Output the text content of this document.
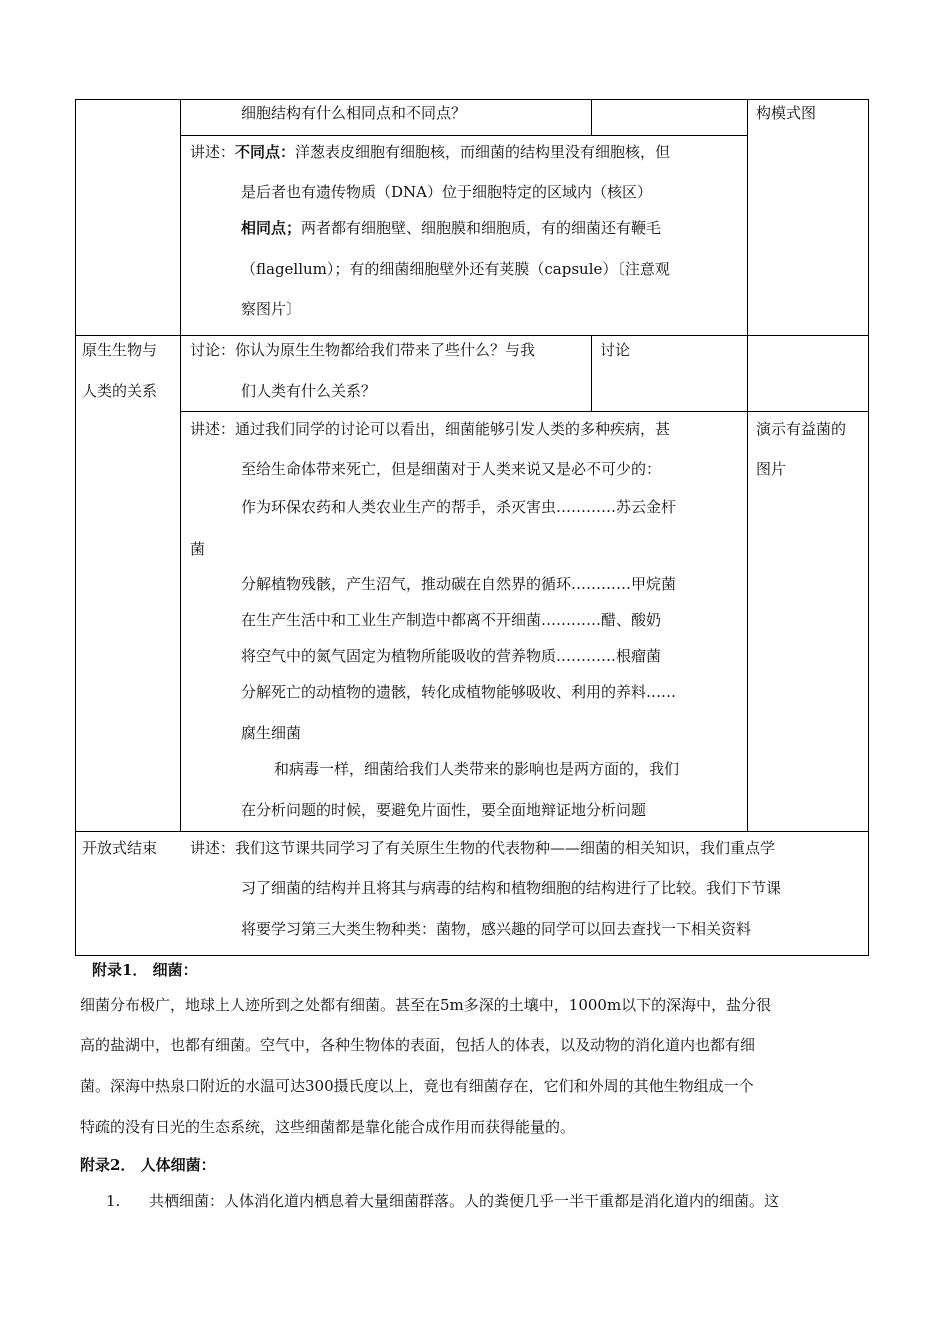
细胞结构有什么相同点和不同点？	构模式图
讲述：不同点：洋葱表皮细胞有细胞核，而细菌的结构里没有细胞核，但
是后者也有遗传物质（DNA）位于细胞特定的区域内（核区）
相同点；两者都有细胞壁、细胞膜和细胞质，有的细菌还有鞭毛
（flagellum）；有的细菌细胞壁外还有荚膜（capsule）〔注意观
察图片〕
原生生物与
人类的关系
讨论：你认为原生生物都给我们带来了些什么？与我
们人类有什么关系？
讨论
讲述：通过我们同学的讨论可以看出，细菌能够引发人类的多种疾病，甚
至给生命体带来死亡，但是细菌对于人类来说又是必不可少的：
作为环保农药和人类农业生产的帮手，杀灭害虫…………苏云金杆
菌
分解植物残骸，产生沼气，推动碳在自然界的循环…………甲烷菌
在生产生活中和工业生产制造中都离不开细菌…………醋、酸奶
将空气中的氮气固定为植物所能吸收的营养物质…………根瘤菌
分解死亡的动植物的遗骸，转化成植物能够吸收、利用的养料……
腐生细菌
和病毒一样，细菌给我们人类带来的影响也是两方面的，我们
在分析问题的时候，要避免片面性，要全面地辩证地分析问题
演示有益菌的
图片
开放式结束 讲述：我们这节课共同学习了有关原生生物的代表物种——细菌的相关知识，我们重点学
习了细菌的结构并且将其与病毒的结构和植物细胞的结构进行了比较。我们下节课
将要学习第三大类生物种类：菌物，感兴趣的同学可以回去查找一下相关资料
附录1． 细菌：
细菌分布极广，地球上人迹所到之处都有细菌。甚至在5m多深的土壤中，1000m以下的深海中，盐分很
高的盐湖中，也都有细菌。空气中，各种生物体的表面，包括人的体表，以及动物的消化道内也都有细
菌。深海中热泉口附近的水温可达300摄氏度以上，竟也有细菌存在，它们和外周的其他生物组成一个
特疏的没有日光的生态系统，这些细菌都是靠化能合成作用而获得能量的。
附录2． 人体细菌：
1. 共栖细菌：人体消化道内栖息着大量细菌群落。人的粪便几乎一半干重都是消化道内的细菌。这
